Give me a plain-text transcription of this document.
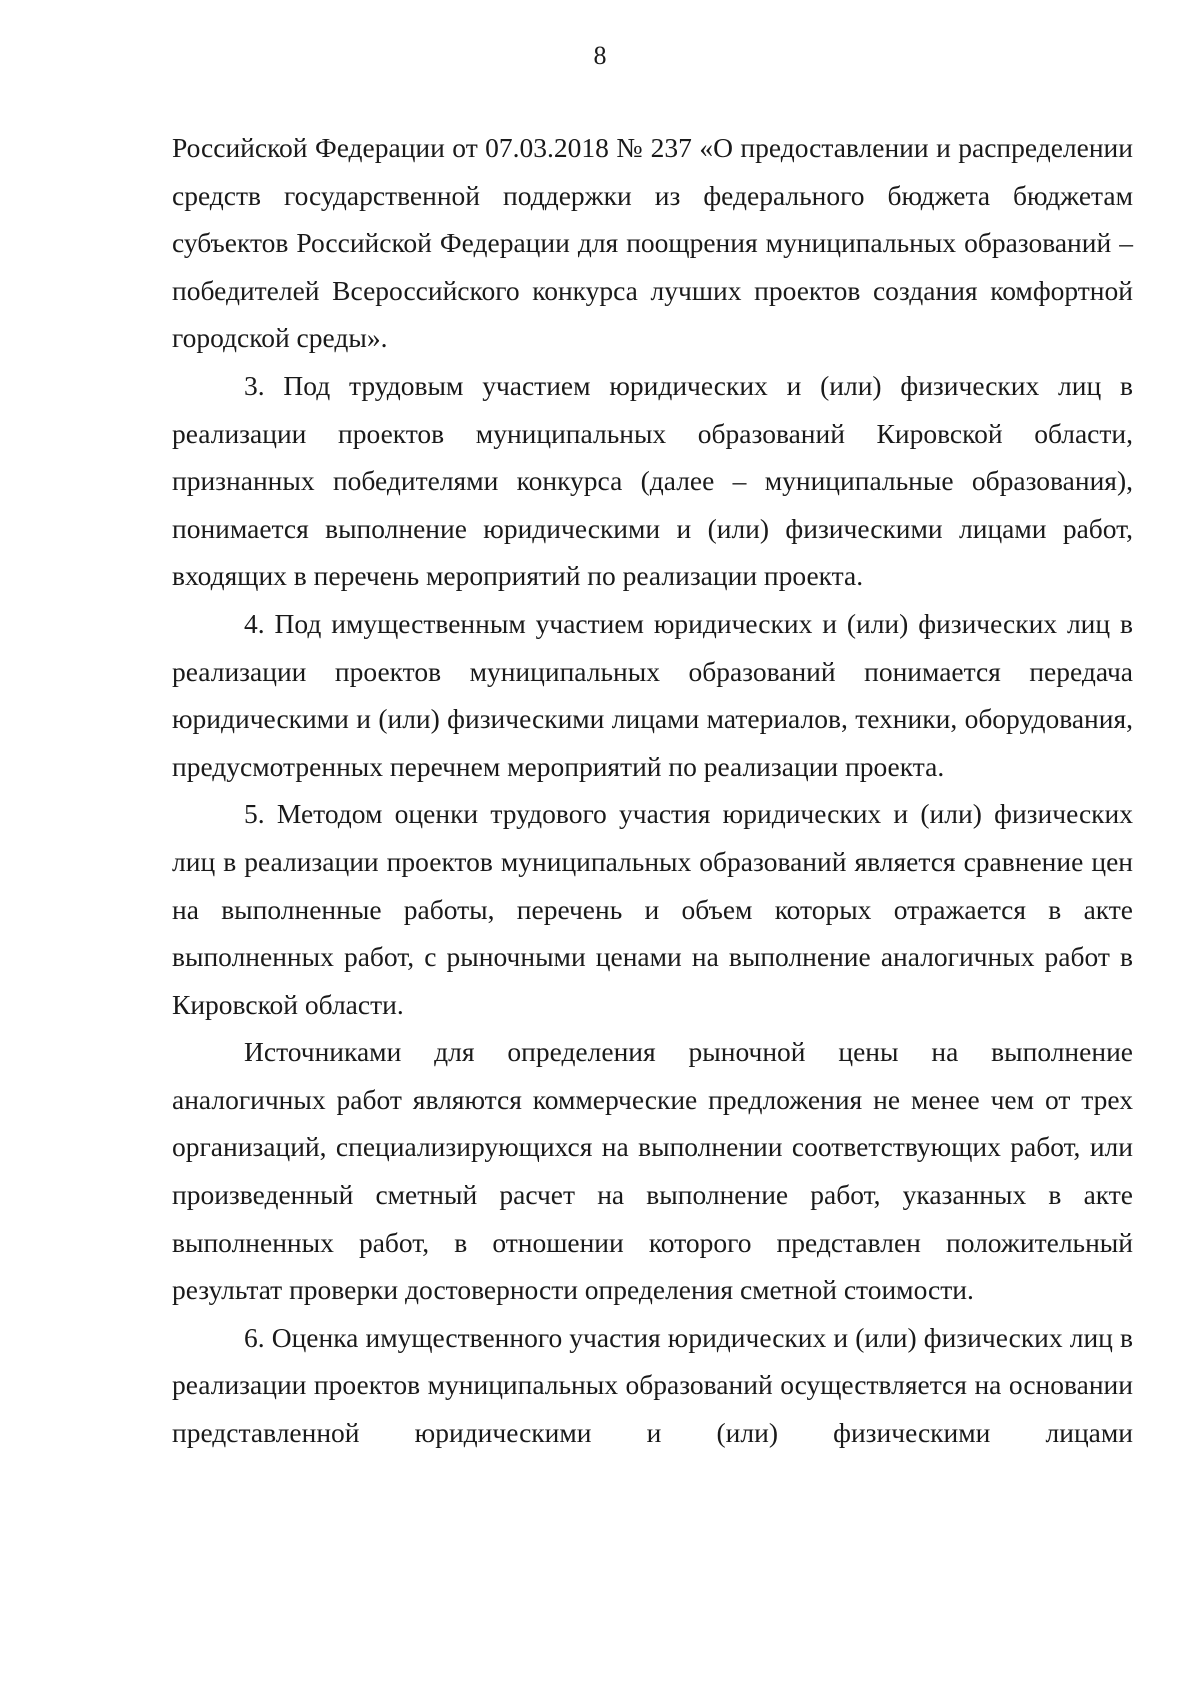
8

Российской Федерации от 07.03.2018 № 237 «О предоставлении и распределении средств государственной поддержки из федерального бюджета бюджетам субъектов Российской Федерации для поощрения муниципальных образований – победителей Всероссийского конкурса лучших проектов создания комфортной городской среды».

3. Под трудовым участием юридических и (или) физических лиц в реализации проектов муниципальных образований Кировской области, признанных победителями конкурса (далее – муниципальные образования), понимается выполнение юридическими и (или) физическими лицами работ, входящих в перечень мероприятий по реализации проекта.

4. Под имущественным участием юридических и (или) физических лиц в реализации проектов муниципальных образований понимается передача юридическими и (или) физическими лицами материалов, техники, оборудования, предусмотренных перечнем мероприятий по реализации проекта.

5. Методом оценки трудового участия юридических и (или) физических лиц в реализации проектов муниципальных образований является сравнение цен на выполненные работы, перечень и объем которых отражается в акте выполненных работ, с рыночными ценами на выполнение аналогичных работ в Кировской области.

Источниками для определения рыночной цены на выполнение аналогичных работ являются коммерческие предложения не менее чем от трех организаций, специализирующихся на выполнении соответствующих работ, или произведенный сметный расчет на выполнение работ, указанных в акте выполненных работ, в отношении которого представлен положительный результат проверки достоверности определения сметной стоимости.

6. Оценка имущественного участия юридических и (или) физических лиц в реализации проектов муниципальных образований осуществляется на основании представленной юридическими и (или) физическими лицами
